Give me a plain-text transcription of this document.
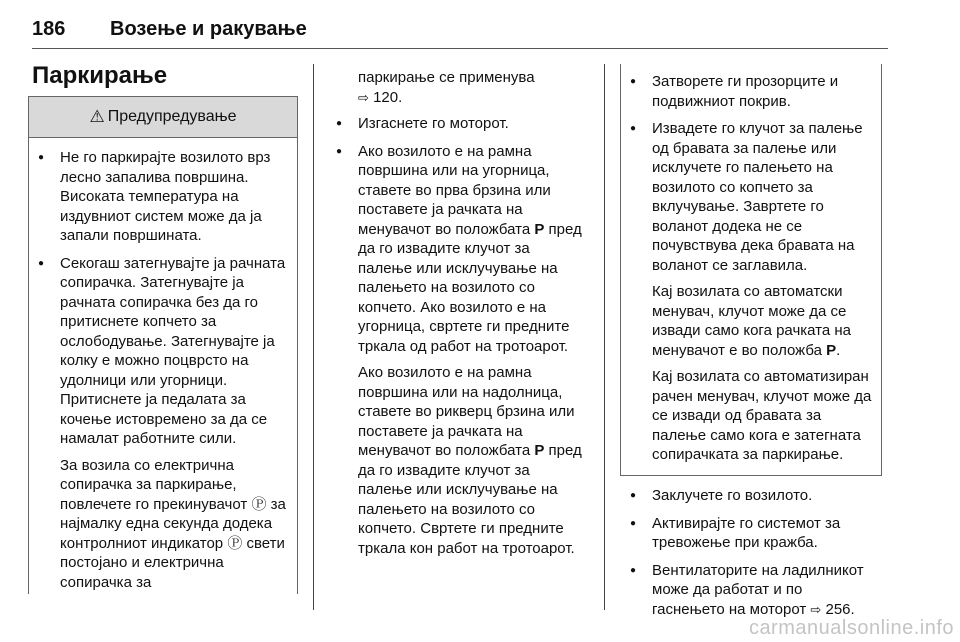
186 Возење и ракување
Паркирање
⚠ Предупредување
● Не го паркирајте возилото врз лесно запалива површина. Високата температура на издувниот систем може да ја запали површината.

● Секогаш затегнувајте ја рачната сопирачка. Затегнувајте ја рачната сопирачка без да го притиснете копчето за ослободување. Затегнувајте ја колку е можно поцврсто на удолници или угорници. Притиснете ја педалата за кочење истовремено за да се намалат работните сили.

За возила со електрична сопирачка за паркирање, повлечете го прекинувачот Ⓟ за најмалку една секунда додека контролниот индикатор Ⓟ свети постојано и електрична сопирачка за

паркирање се применува
⇨ 120.

● Изгаснете го моторот.

● Ако возилото е на рамна површина или на угорница, ставете во прва брзина или поставете ја рачката на менувачот во положбата P пред да го извадите клучот за палење или исклучување на палењето на возилото со копчето. Ако возилото е на угорница, свртете ги предните тркала од работ на тротоарот.

Ако возилото е на рамна површина или на надолница, ставете во рикверц брзина или поставете ја рачката на менувачот во положбата P пред да го извадите клучот за палење или исклучување на палењето на возилото со копчето. Свртете ги предните тркала кон работ на тротоарот.

● Затворете ги прозорците и подвижниот покрив.

● Извадете го клучот за палење од бравата за палење или исклучете го палењето на возилото со копчето за вклучување. Завртете го воланот додека не се почувствува дека бравата на воланот се заглавила.

Кај возилата со автоматски менувач, клучот може да се извади само кога рачката на менувачот е во положба P.

Кај возилата со автоматизиран рачен менувач, клучот може да се извади од бравата за палење само кога е затегната сопирачката за паркирање.

● Заклучете го возилото.
● Активирајте го системот за тревожење при кражба.
● Вентилаторите на ладилникот може да работат и по гаснењето на моторот ⇨ 256.
carmanualsonline.info
